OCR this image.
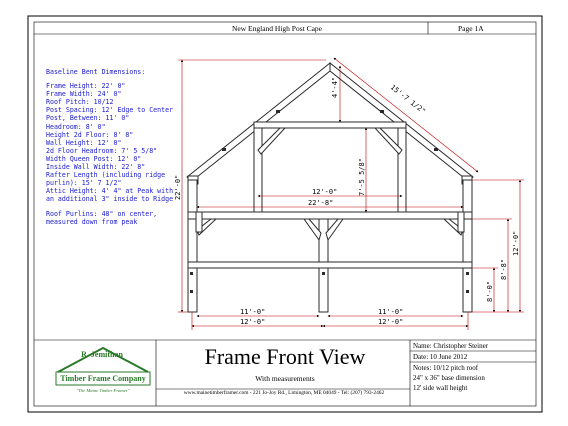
4'-4"	15'-7 1/2"
7'-5 5/8"
12'-0"
22'-8"
22'-0"
12'-0"
8'-8"
8'-0"
11'-0"	11'-0"
12'-0"	12'-0"
New England High Post Cape	Page 1A
Baseline Bent Dimensions:
Frame Height: 22' 0"
Frame Width: 24' 0"
Roof Pitch: 10/12
Post Spacing: 12' Edge to Center
Post, Between: 11' 0"
Headroom: 8' 0"
Height 2d Floor: 8' 8"
Wall Height: 12' 0"
2d Floor Headroom: 7' 5 5/8"
Width Queen Post: 12' 0"
Inside Wall Width: 22' 8"
Rafter Length (including ridge
purlin): 15' 7 1/2"
Attic Height: 4' 4" at Peak with
an additional 3" inside to Ridge
Roof Purlins: 48" on center,
measured down from peak
R. Jemithan
Timber Frame Company
"The Maine Timber Framer"
Frame Front View
With measurements
www.mainetimberframer.com - 221 Jo-Joy Rd., Limington, ME 04049 - Tel: (207) 793-2462
Name: Christopher Steiner
Date: 10 June 2012
Notes: 10/12 pitch roof
24" x 36" base dimension
12' side wall height
